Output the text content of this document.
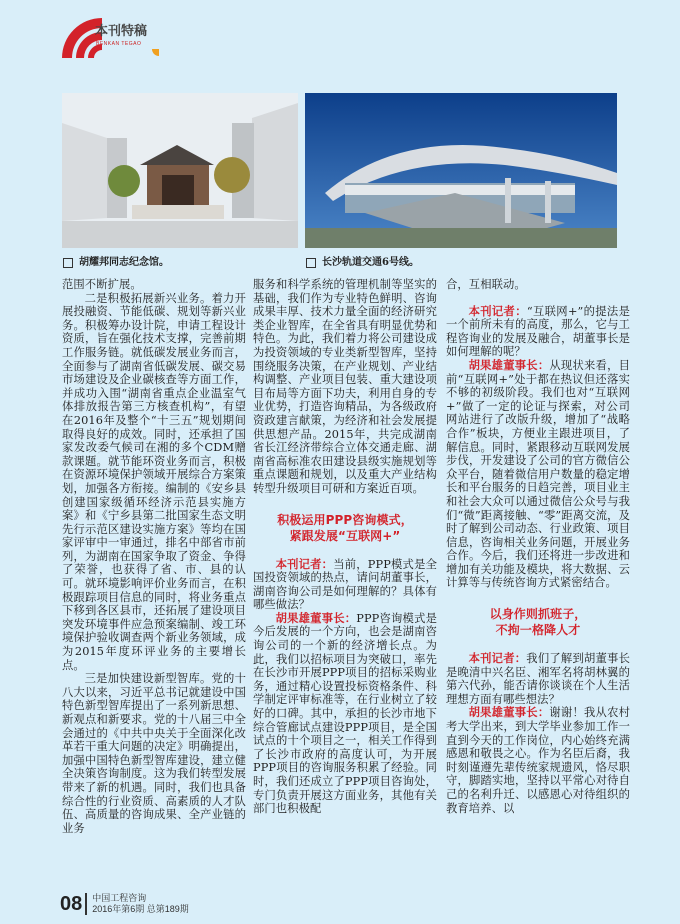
本刊特稿
BENKAN TEGAO
胡耀邦同志纪念馆。	长沙轨道交通6号线。

范围不断扩展。

二是积极拓展新兴业务。着力开展投融资、节能低碳、规划等新兴业务。积极筹办设计院，申请工程设计资质，旨在强化技术支撑，完善前期工作服务链。就低碳发展业务而言，全面参与了湖南省低碳发展、碳交易市场建设及企业碳核查等方面工作，并成功入围“湖南省重点企业温室气体排放报告第三方核查机构”，有望在2016年及整个“十三五”规划期间取得良好的成效。同时，还承担了国家发改委气候司在湘的多个CDM赠款课题。就节能环资业务而言，积极在资源环境保护领域开展综合方案策划，加强各方衔接。编制的《安乡县创建国家级循环经济示范县实施方案》和《宁乡县第二批国家生态文明先行示范区建设实施方案》等均在国家评审中一审通过，排名中部省市前列，为湖南在国家争取了资金、争得了荣誉，也获得了省、市、县的认可。就环境影响评价业务而言，在积极跟踪项目信息的同时，将业务重点下移到各区县市，还拓展了建设项目突发环境事件应急预案编制、竣工环境保护验收调查两个新业务领域，成为2015年度环评业务的主要增长点。

三是加快建设新型智库。党的十八大以来，习近平总书记就建设中国特色新型智库提出了一系列新思想、新观点和新要求。党的十八届三中全会通过的《中共中央关于全面深化改革若干重大问题的决定》明确提出，加强中国特色新型智库建设，建立健全决策咨询制度。这为我们转型发展带来了新的机遇。同时，我们也具备综合性的行业资质、高素质的人才队伍、高质量的咨询成果、全产业链的业务

服务和科学系统的管理机制等坚实的基础，我们作为专业特色鲜明、咨询成果丰厚、技术力量全面的经济研究类企业智库，在全省具有明显优势和特色。为此，我们着力将公司建设成为投资领域的专业类新型智库，坚持围绕服务决策，在产业规划、产业结构调整、产业项目包装、重大建设项目布局等方面下功夫，利用自身的专业优势，打造咨询精品，为各级政府资政建言献策，为经济和社会发展提供思想产品。2015年，共完成湖南省长江经济带综合立体交通走廊、湖南省高标准农田建设县级实施规划等重点课题和规划，以及重大产业结构转型升级项目可研和方案近百项。

积极运用PPP咨询模式，
紧跟发展“互联网+”

本刊记者：当前，PPP模式是全国投资领域的热点，请问胡董事长，湖南咨询公司是如何理解的？具体有哪些做法？

胡果雄董事长：PPP咨询模式是今后发展的一个方向，也会是湖南咨询公司的一个新的经济增长点。为此，我们以招标项目为突破口，率先在长沙市开展PPP项目的招标采购业务，通过精心设置投标资格条件、科学制定评审标准等，在行业树立了较好的口碑。其中，承担的长沙市地下综合管廊试点建设PPP项目，是全国试点的十个项目之一，相关工作得到了长沙市政府的高度认可，为开展PPP项目的咨询服务积累了经验。同时，我们还成立了PPP项目咨询处，专门负责开展这方面业务，其他有关部门也积极配

合，互相联动。

本刊记者：“互联网+”的提法是一个前所未有的高度，那么，它与工程咨询业的发展及融合，胡董事长是如何理解的呢？

胡果雄董事长：从现状来看，目前“互联网+”处于都在热议但还落实不够的初级阶段。我们也对“互联网+”做了一定的论证与探索，对公司网站进行了改版升级，增加了“战略合作”板块，方便业主跟进项目，了解信息。同时，紧跟移动互联网发展步伐，开发建设了公司的官方微信公众平台，随着微信用户数量的稳定增长和平台服务的日趋完善，项目业主和社会大众可以通过微信公众号与我们“微”距离接触、“零”距离交流，及时了解到公司动态、行业政策、项目信息，咨询相关业务问题，开展业务合作。今后，我们还将进一步改进和增加有关功能及模块，将大数据、云计算等与传统咨询方式紧密结合。

以身作则抓班子，
不拘一格降人才

本刊记者：我们了解到胡董事长是晚清中兴名臣、湘军名将胡林翼的第六代孙，能否请你谈谈在个人生活理想方面有哪些想法？

胡果雄董事长：谢谢！我从农村考大学出来，到大学毕业参加工作一直到今天的工作岗位，内心始终充满感恩和敬畏之心。作为名臣后裔，我时刻谨遵先辈传统家规遗风，恪尽职守，脚踏实地，坚持以平常心对待自己的名利升迁、以感恩心对待组织的教育培养、以

08 中国工程咨询
2016年第6期 总第189期
